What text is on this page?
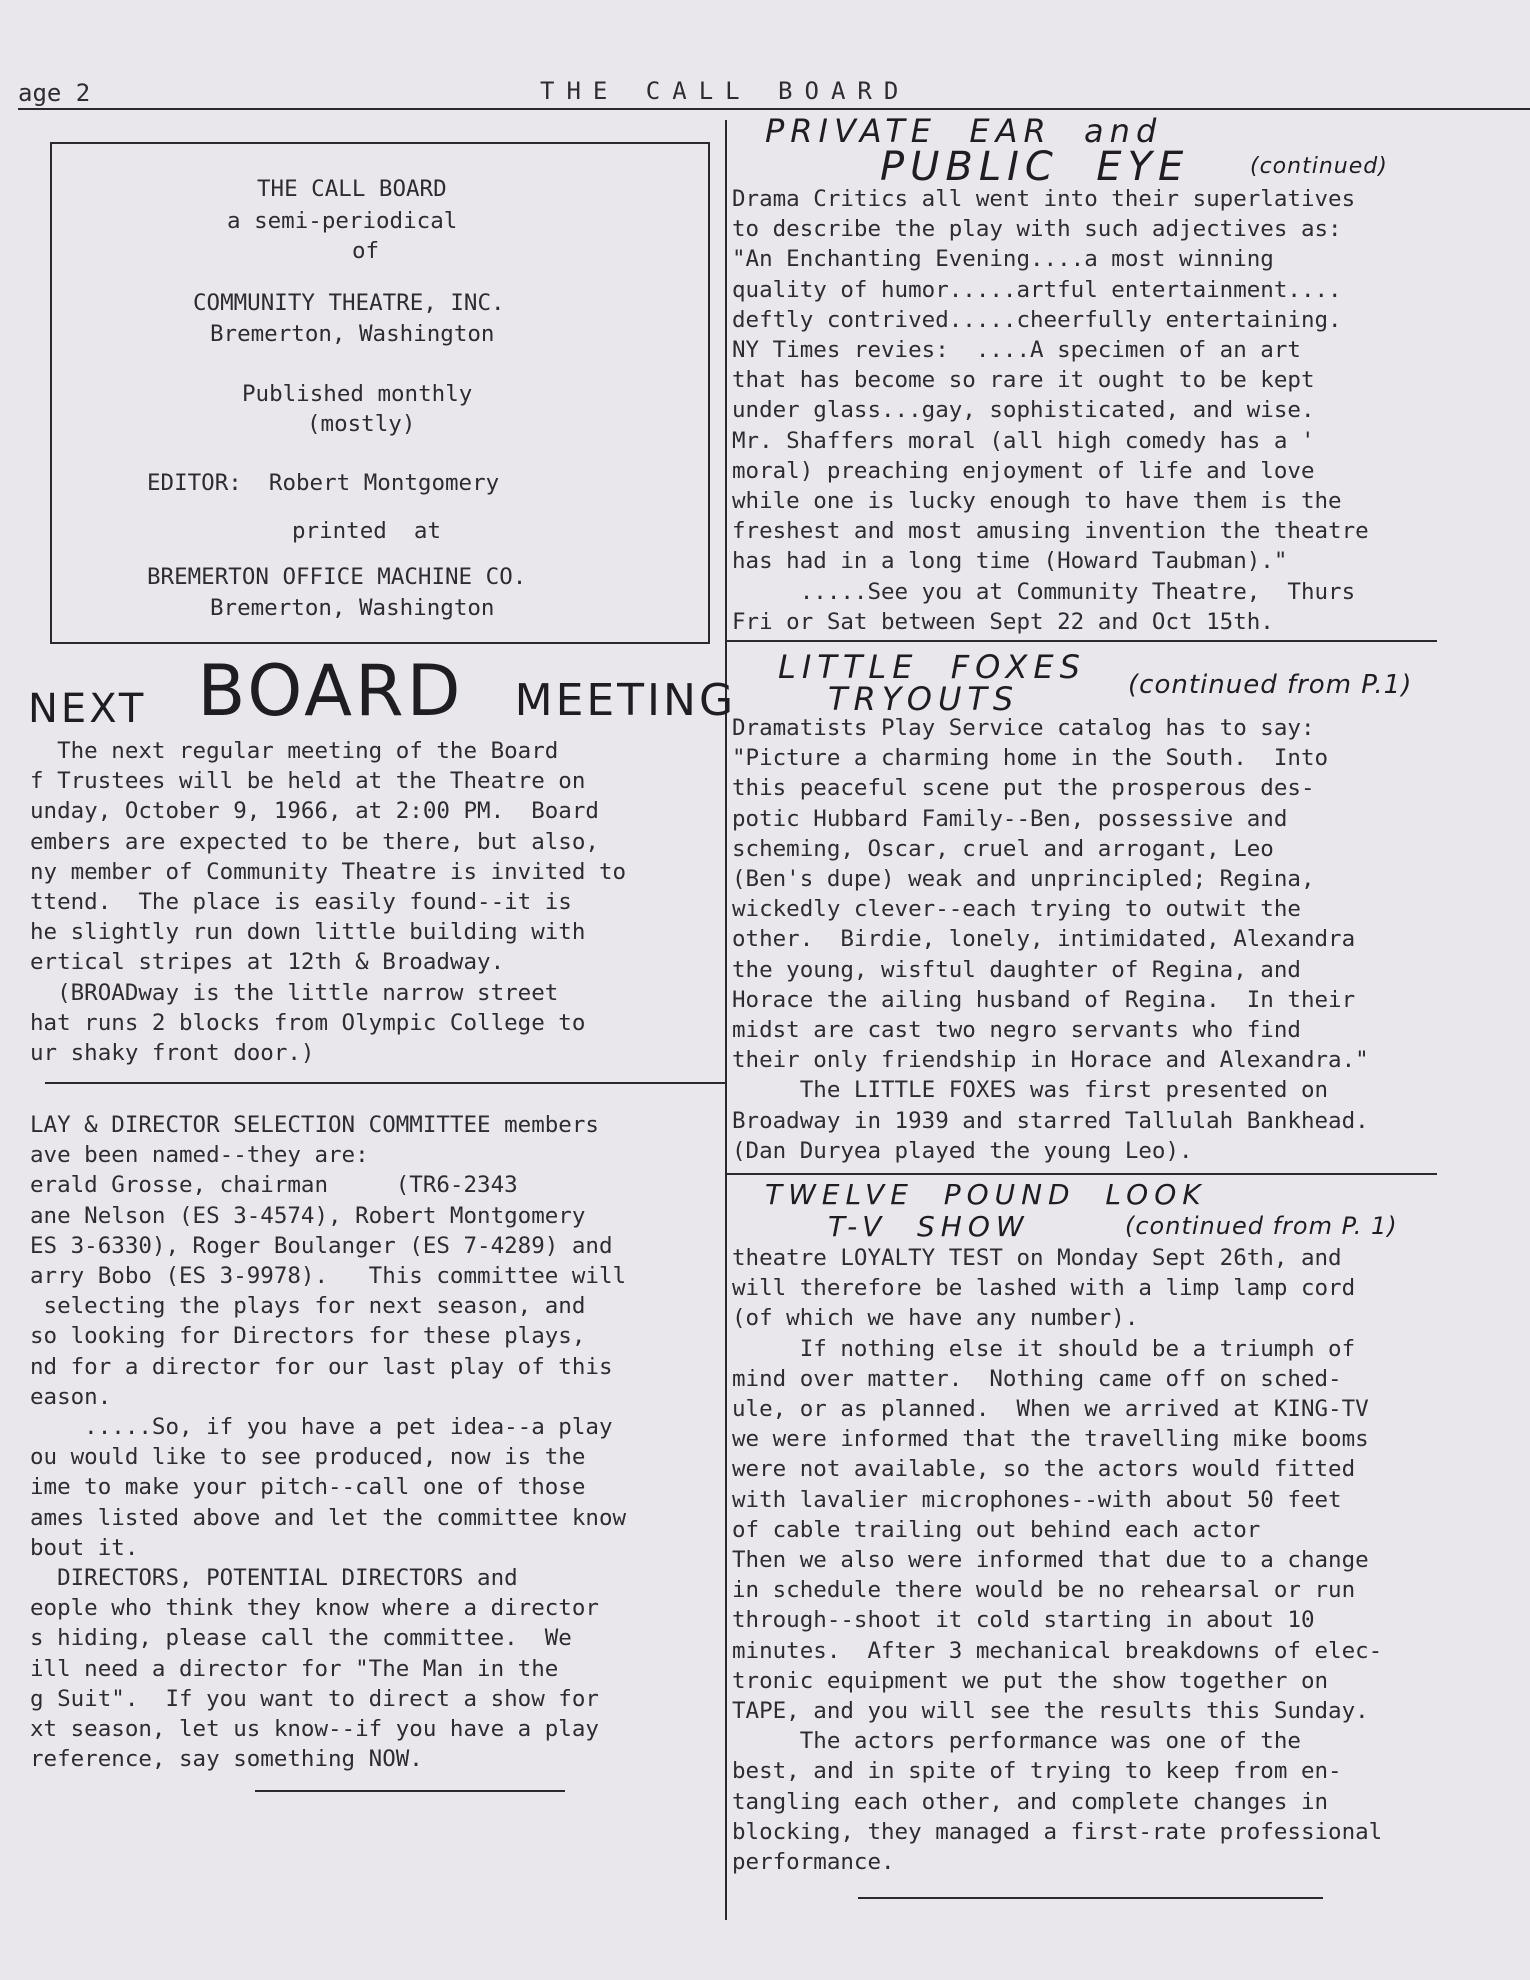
age 2	THE CALL BOARD
THE CALL BOARD
a semi-periodical
of
COMMUNITY THEATRE, INC.
Bremerton, Washington
Published monthly
(mostly)
EDITOR:  Robert Montgomery
printed  at
BREMERTON OFFICE MACHINE CO.
Bremerton, Washington
NEXT BOARD MEETING
The next regular meeting of the Board
f Trustees will be held at the Theatre on
unday, October 9, 1966, at 2:00 PM.  Board
embers are expected to be there, but also,
ny member of Community Theatre is invited to
ttend.  The place is easily found--it is
he slightly run down little building with
ertical stripes at 12th & Broadway.
(BROADway is the little narrow street
hat runs 2 blocks from Olympic College to
ur shaky front door.)
LAY & DIRECTOR SELECTION COMMITTEE members
ave been named--they are:
erald Grosse, chairman     (TR6-2343
ane Nelson (ES 3-4574), Robert Montgomery
ES 3-6330), Roger Boulanger (ES 7-4289) and
arry Bobo (ES 3-9978).   This committee will
selecting the plays for next season, and
so looking for Directors for these plays,
nd for a director for our last play of this
eason.
.....So, if you have a pet idea--a play
ou would like to see produced, now is the
ime to make your pitch--call one of those
ames listed above and let the committee know
bout it.
DIRECTORS, POTENTIAL DIRECTORS and
eople who think they know where a director
s hiding, please call the committee.  We
ill need a director for "The Man in the
g Suit".  If you want to direct a show for
xt season, let us know--if you have a play
reference, say something NOW.
PRIVATE  EAR  and
PUBLIC  EYE	(continued)
Drama Critics all went into their superlatives
to describe the play with such adjectives as:
"An Enchanting Evening....a most winning
quality of humor.....artful entertainment....
deftly contrived.....cheerfully entertaining.
NY Times revies:  ....A specimen of an art
that has become so rare it ought to be kept
under glass...gay, sophisticated, and wise.
Mr. Shaffers moral (all high comedy has a '
moral) preaching enjoyment of life and love
while one is lucky enough to have them is the
freshest and most amusing invention the theatre
has had in a long time (Howard Taubman)."
.....See you at Community Theatre,  Thurs
Fri or Sat between Sept 22 and Oct 15th.
LITTLE  FOXES
TRYOUTS	(continued from P.1)
Dramatists Play Service catalog has to say:
"Picture a charming home in the South.  Into
this peaceful scene put the prosperous des-
potic Hubbard Family--Ben, possessive and
scheming, Oscar, cruel and arrogant, Leo
(Ben's dupe) weak and unprincipled; Regina,
wickedly clever--each trying to outwit the
other.  Birdie, lonely, intimidated, Alexandra
the young, wisftul daughter of Regina, and
Horace the ailing husband of Regina.  In their
midst are cast two negro servants who find
their only friendship in Horace and Alexandra."
The LITTLE FOXES was first presented on
Broadway in 1939 and starred Tallulah Bankhead.
(Dan Duryea played the young Leo).
TWELVE  POUND  LOOK
T-V  SHOW	(continued from P. 1)
theatre LOYALTY TEST on Monday Sept 26th, and
will therefore be lashed with a limp lamp cord
(of which we have any number).
If nothing else it should be a triumph of
mind over matter.  Nothing came off on sched-
ule, or as planned.  When we arrived at KING-TV
we were informed that the travelling mike booms
were not available, so the actors would fitted
with lavalier microphones--with about 50 feet
of cable trailing out behind each actor
Then we also were informed that due to a change
in schedule there would be no rehearsal or run
through--shoot it cold starting in about 10
minutes.  After 3 mechanical breakdowns of elec-
tronic equipment we put the show together on
TAPE, and you will see the results this Sunday.
The actors performance was one of the
best, and in spite of trying to keep from en-
tangling each other, and complete changes in
blocking, they managed a first-rate professional
performance.
